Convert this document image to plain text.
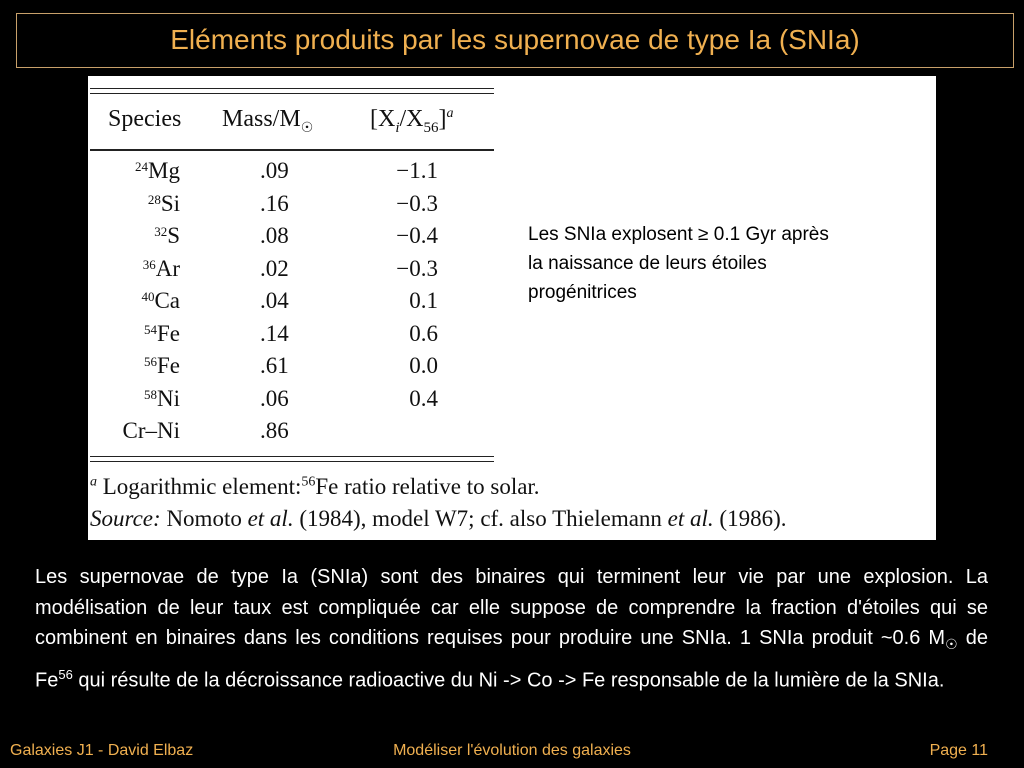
Eléments produits par les supernovae de type Ia (SNIa)
Species Mass/$M_☉$ $[X_i/X_{56}]^a$
$^{24}$Mg	.09	−1.1
$^{28}$Si	.16	−0.3
$^{32}$S	.08	−0.4
$^{36}$Ar	.02	−0.3
$^{40}$Ca	.04	0.1
$^{54}$Fe	.14	0.6
$^{56}$Fe	.61	0.0
$^{58}$Ni	.06	0.4
Cr–Ni	.86
$^a$ Logarithmic element:$^{56}$Fe ratio relative to solar.
Source: Nomoto et al. (1984), model W7; cf. also Thielemann et al. (1986).
Les SNIa explosent ≥ 0.1 Gyr après
la naissance de leurs étoiles
progénitrices
Les supernovae de type Ia (SNIa) sont des binaires qui terminent leur vie par une explosion. La modélisation de leur taux est compliquée car elle suppose de comprendre la fraction d'étoiles qui se combinent en binaires dans les conditions requises pour produire une SNIa. 1 SNIa produit ~0.6 $M_☉$ de Fe$^{56}$ qui résulte de la décroissance radioactive du Ni -> Co -> Fe responsable de la lumière de la SNIa.
Galaxies J1 - David Elbaz	Modéliser l'évolution des galaxies	Page 11
